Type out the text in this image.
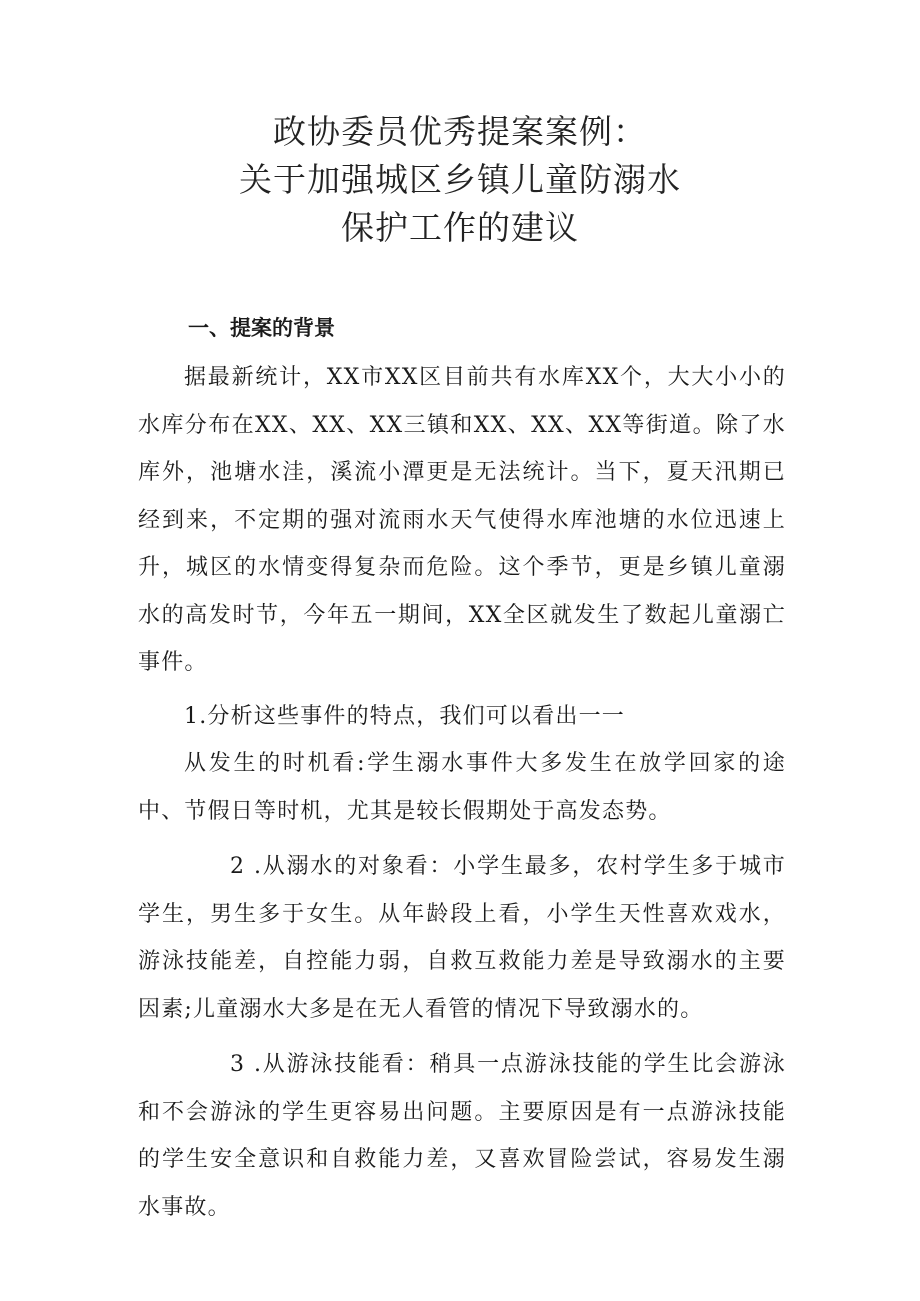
政协委员优秀提案案例：
关于加强城区乡镇儿童防溺水
保护工作的建议
一、提案的背景

据最新统计，XX市XX区目前共有水库XX个，大大小小的水库分布在XX、XX、XX三镇和XX、XX、XX等街道。除了水库外，池塘水洼，溪流小潭更是无法统计。当下，夏天汛期已经到来，不定期的强对流雨水天气使得水库池塘的水位迅速上升，城区的水情变得复杂而危险。这个季节，更是乡镇儿童溺水的高发时节，今年五一期间，XX全区就发生了数起儿童溺亡事件。

1.分析这些事件的特点，我们可以看出一一

从发生的时机看:学生溺水事件大多发生在放学回家的途中、节假日等时机，尤其是较长假期处于高发态势。

2 .从溺水的对象看：小学生最多，农村学生多于城市学生，男生多于女生。从年龄段上看，小学生天性喜欢戏水，游泳技能差，自控能力弱，自救互救能力差是导致溺水的主要因素;儿童溺水大多是在无人看管的情况下导致溺水的。

3 .从游泳技能看：稍具一点游泳技能的学生比会游泳和不会游泳的学生更容易出问题。主要原因是有一点游泳技能的学生安全意识和自救能力差，又喜欢冒险尝试，容易发生溺水事故。
